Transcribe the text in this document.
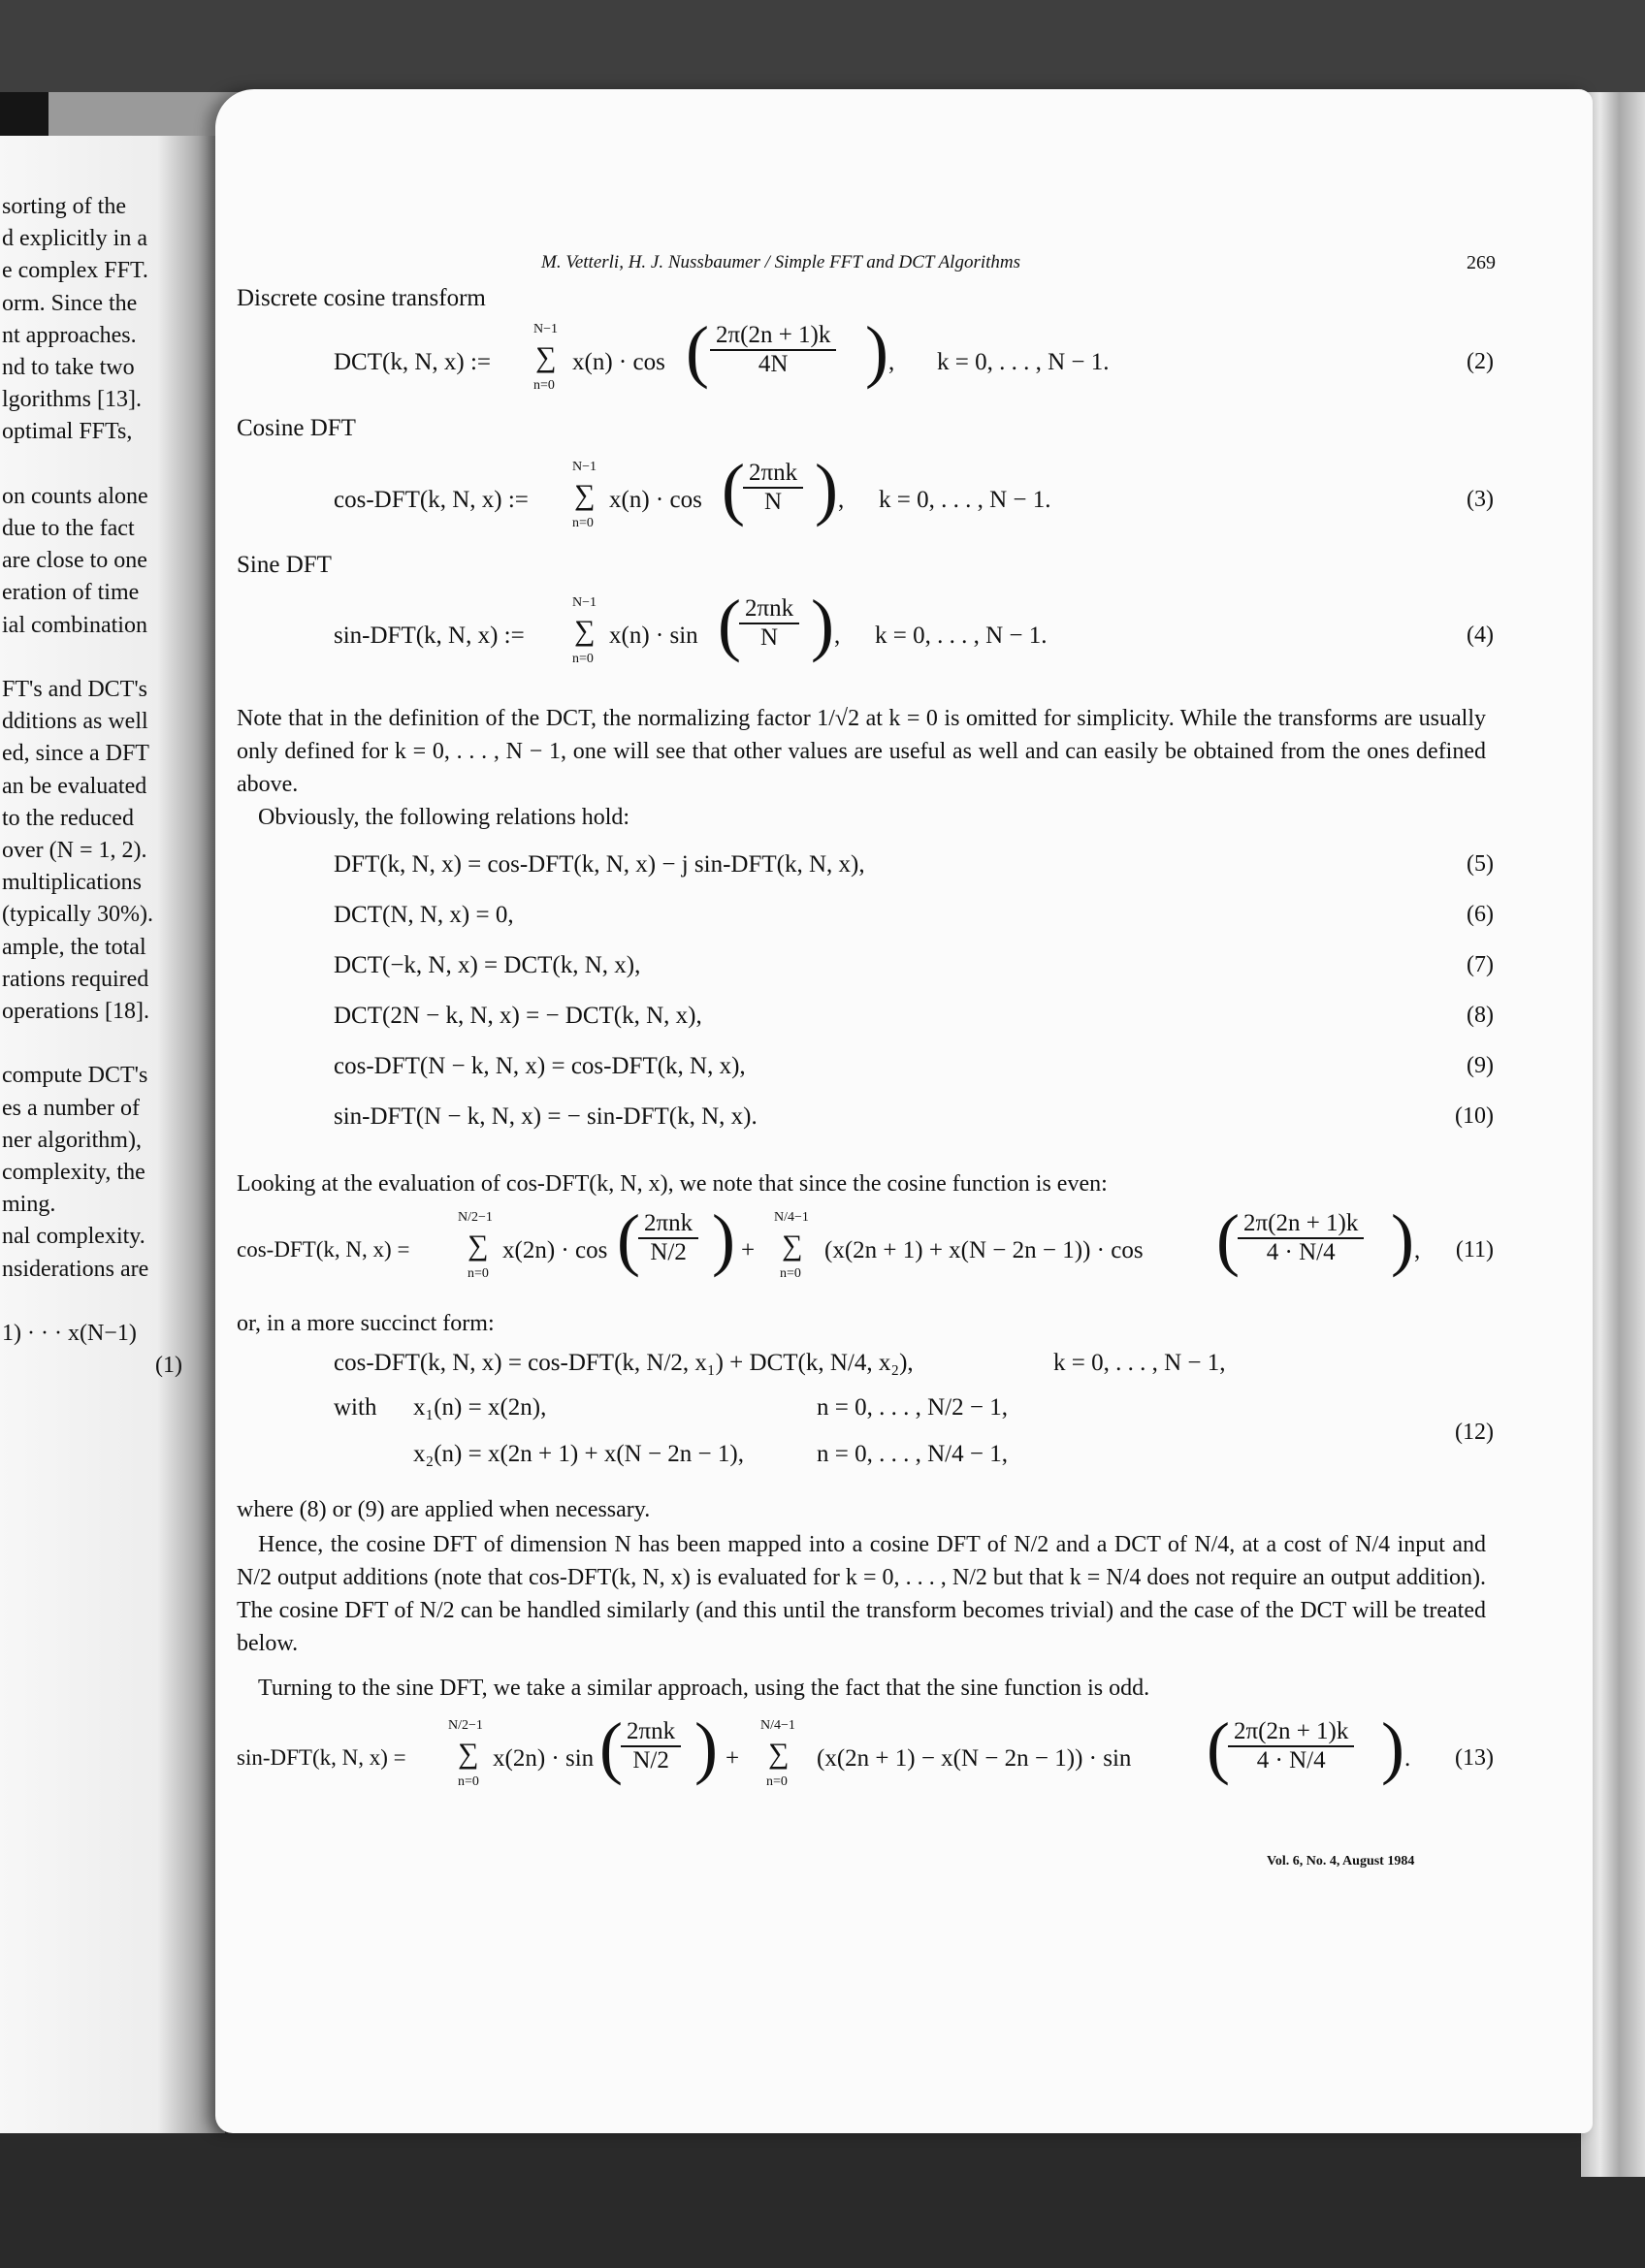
sorting of the
d explicitly in a
e complex FFT.
orm. Since the
nt approaches.
nd to take two
lgorithms [13].
optimal FFTs,
on counts alone
due to the fact
are close to one
eration of time
ial combination
FT's and DCT's
dditions as well
ed, since a DFT
an be evaluated
to the reduced
over (N = 1, 2).
multiplications
(typically 30%).
ample, the total
rations required
operations [18].
compute DCT's
es a number of
ner algorithm),
complexity, the
ming.
nal complexity.
nsiderations are
1) · · · x(N−1)
(1)
M. Vetterli, H. J. Nussbaumer / Simple FFT and DCT Algorithms	269
Discrete cosine transform
DCT(k, N, x) :=
N−1
∑
n=0
x(n) · cos ( $\frac{2\pi(2n + 1)k}{4N}$ ) , k = 0, . . . , N − 1.	(2)
Cosine DFT
cos-DFT(k, N, x) :=
N−1
∑
n=0
x(n) · cos ( 2πnk
N ) , k = 0, . . . , N − 1.	(3)
Sine DFT
sin-DFT(k, N, x) :=
N−1
∑
n=0
x(n) · sin ( 2πnk
N ) , k = 0, . . . , N − 1.	(4)
Note that in the definition of the DCT, the normalizing factor 1/√2 at k = 0 is omitted for simplicity. While the transforms are usually only defined for k = 0, . . . , N − 1, one will see that other values are useful as well and can easily be obtained from the ones defined above.
Obviously, the following relations hold:
DFT(k, N, x) = cos-DFT(k, N, x) − j sin-DFT(k, N, x),	(5)
DCT(N, N, x) = 0,	(6)
DCT(−k, N, x) = DCT(k, N, x),	(7)
DCT(2N − k, N, x) = − DCT(k, N, x),	(8)
cos-DFT(N − k, N, x) = cos-DFT(k, N, x),	(9)
sin-DFT(N − k, N, x) = − sin-DFT(k, N, x).	(10)
Looking at the evaluation of cos-DFT(k, N, x), we note that since the cosine function is even:
cos-DFT(k, N, x) =
N/2−1
∑
n=0
x(2n) · cos ( 2πnk
N/2 ) +
N/4−1
∑
n=0
(x(2n + 1) + x(N − 2n − 1)) · cos (
$\frac{2\pi(2n + 1)k}{4 \cdot N/4}$ ) ,	(11)
or, in a more succinct form:
cos-DFT(k, N, x) = cos-DFT(k, N/2, x₁) + DCT(k, N/4, x₂),	k = 0, . . . , N − 1,
with x₁(n) = x(2n),	n = 0, . . . , N/2 − 1,
x₂(n) = x(2n + 1) + x(N − 2n − 1),	n = 0, . . . , N/4 − 1,
(12)
where (8) or (9) are applied when necessary.
Hence, the cosine DFT of dimension N has been mapped into a cosine DFT of N/2 and a DCT of N/4, at a cost of N/4 input and N/2 output additions (note that cos-DFT(k, N, x) is evaluated for k = 0, . . . , N/2 but that k = N/4 does not require an output addition). The cosine DFT of N/2 can be handled similarly (and this until the transform becomes trivial) and the case of the DCT will be treated below.
Turning to the sine DFT, we take a similar approach, using the fact that the sine function is odd.
sin-DFT(k, N, x) =
N/2−1
∑
n=0
x(2n) · sin ( 2πnk
N/2 ) +
N/4−1
∑
n=0
(x(2n + 1) − x(N − 2n − 1)) · sin (
$\frac{2\pi(2n + 1)k}{4 \cdot N/4}$ ) .	(13)
Vol. 6, No. 4, August 1984
